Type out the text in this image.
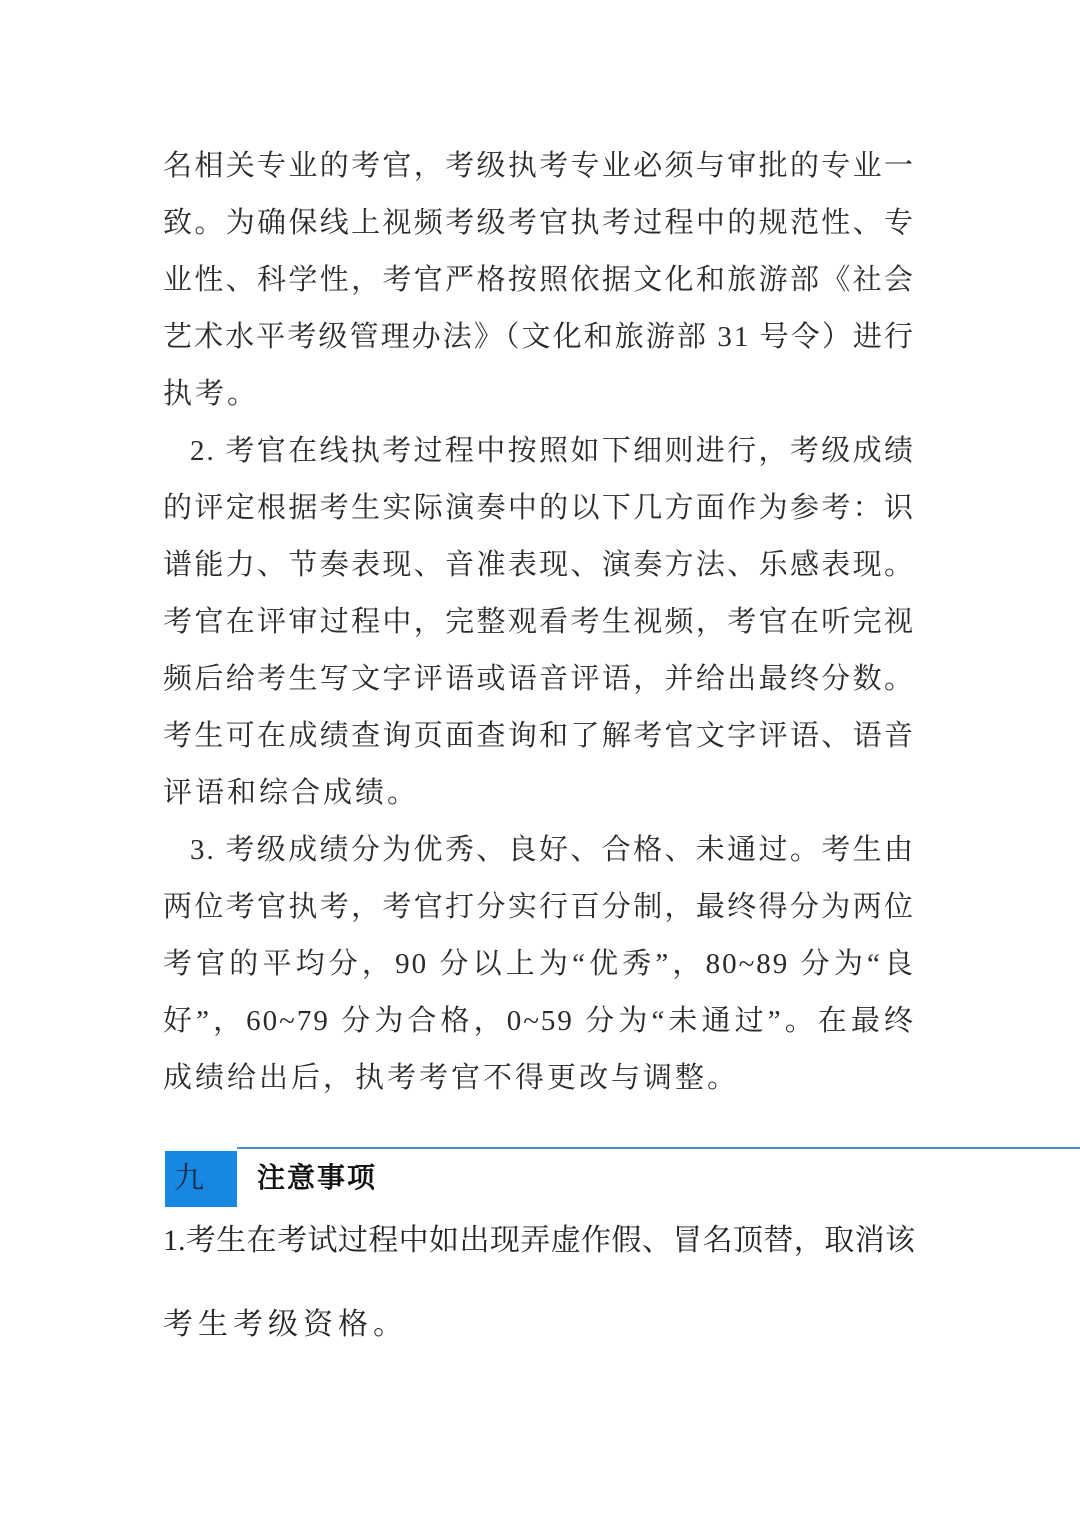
名相关专业的考官，考级执考专业必须与审批的专业一
致。为确保线上视频考级考官执考过程中的规范性、专
业性、科学性，考官严格按照依据文化和旅游部《社会
艺术水平考级管理办法》（文化和旅游部 31 号令）进行
执考。
2. 考官在线执考过程中按照如下细则进行，考级成绩
的评定根据考生实际演奏中的以下几方面作为参考：识
谱能力、节奏表现、音准表现、演奏方法、乐感表现。
考官在评审过程中，完整观看考生视频，考官在听完视
频后给考生写文字评语或语音评语，并给出最终分数。
考生可在成绩查询页面查询和了解考官文字评语、语音
评语和综合成绩。
3. 考级成绩分为优秀、良好、合格、未通过。考生由
两位考官执考，考官打分实行百分制，最终得分为两位
考官的平均分，90 分以上为“优秀”，80~89 分为“良
好”，60~79 分为合格，0~59 分为“未通过”。在最终
成绩给出后，执考考官不得更改与调整。
九	注意事项
1.考生在考试过程中如出现弄虚作假、冒名顶替，取消该
考生考级资格。
